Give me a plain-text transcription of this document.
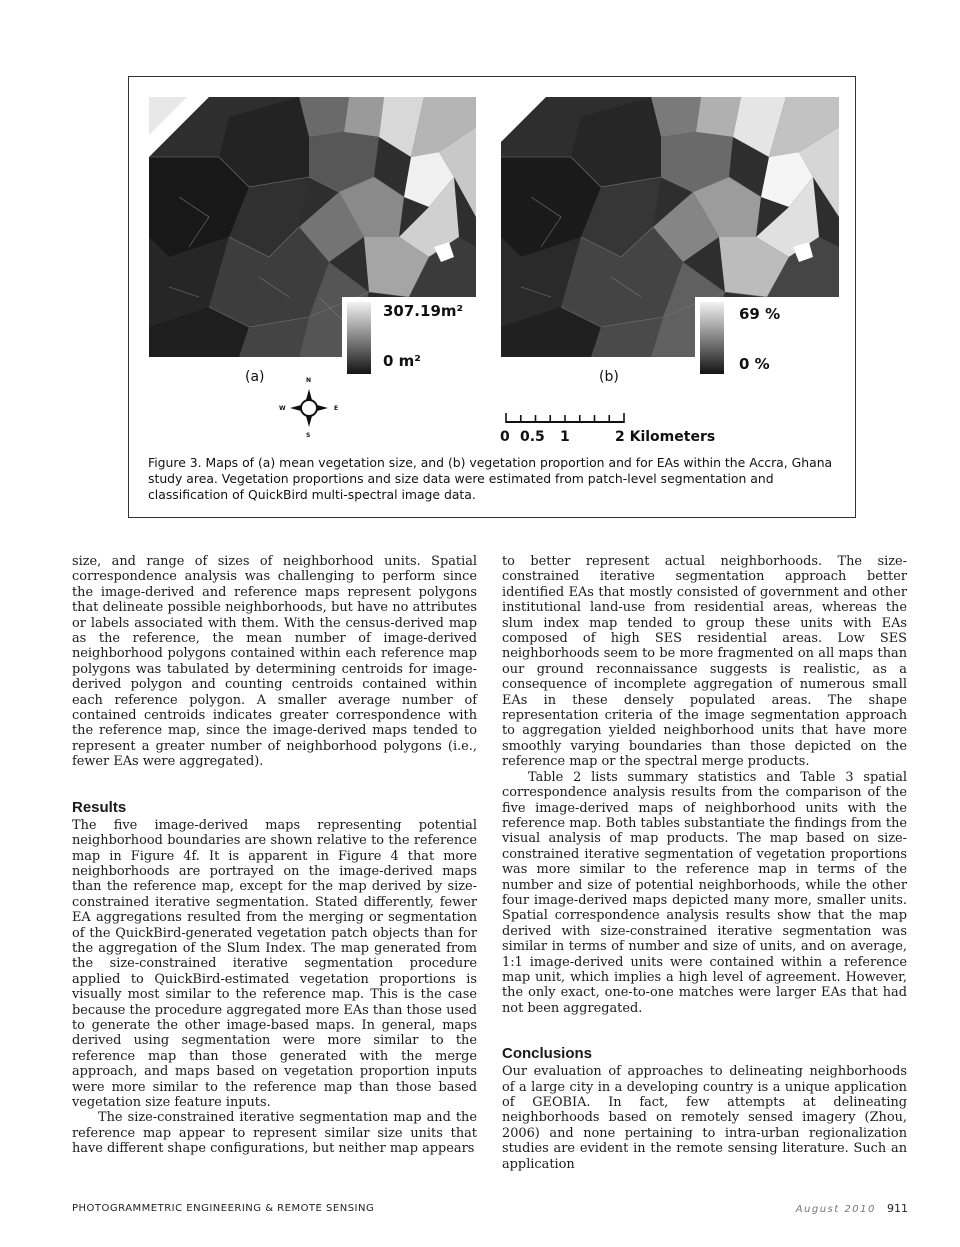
307.19m²
0 m²
(a)	N
S
W	E
69 %
0 %
(b)
0 0.5 1	2 Kilometers
Figure 3. Maps of (a) mean vegetation size, and (b) vegetation proportion and for EAs within the Accra, Ghana study area. Vegetation proportions and size data were estimated from patch-level segmentation and classification of QuickBird multi-spectral image data.

size, and range of sizes of neighborhood units. Spatial correspondence analysis was challenging to perform since the image-derived and reference maps represent polygons that delineate possible neighborhoods, but have no attributes or labels associated with them. With the census-derived map as the reference, the mean number of image-derived neighborhood polygons contained within each reference map polygons was tabulated by determining centroids for image-derived polygon and counting centroids contained within each reference polygon. A smaller average number of contained centroids indicates greater correspondence with the reference map, since the image-derived maps tended to represent a greater number of neighborhood polygons (i.e., fewer EAs were aggregated).

Results

The five image-derived maps representing potential neighborhood boundaries are shown relative to the reference map in Figure 4f. It is apparent in Figure 4 that more neighborhoods are portrayed on the image-derived maps than the reference map, except for the map derived by size-constrained iterative segmentation. Stated differently, fewer EA aggregations resulted from the merging or segmentation of the QuickBird-generated vegetation patch objects than for the aggregation of the Slum Index. The map generated from the size-constrained iterative segmentation procedure applied to QuickBird-estimated vegetation proportions is visually most similar to the reference map. This is the case because the procedure aggregated more EAs than those used to generate the other image-based maps. In general, maps derived using segmentation were more similar to the reference map than those generated with the merge approach, and maps based on vegetation proportion inputs were more similar to the reference map than those based vegetation size feature inputs.

The size-constrained iterative segmentation map and the reference map appear to represent similar size units that have different shape configurations, but neither map appears

to better represent actual neighborhoods. The size-constrained iterative segmentation approach better identified EAs that mostly consisted of government and other institutional land-use from residential areas, whereas the slum index map tended to group these units with EAs composed of high SES residential areas. Low SES neighborhoods seem to be more fragmented on all maps than our ground reconnaissance suggests is realistic, as a consequence of incomplete aggregation of numerous small EAs in these densely populated areas. The shape representation criteria of the image segmentation approach to aggregation yielded neighborhood units that have more smoothly varying boundaries than those depicted on the reference map or the spectral merge products.

Table 2 lists summary statistics and Table 3 spatial correspondence analysis results from the comparison of the five image-derived maps of neighborhood units with the reference map. Both tables substantiate the findings from the visual analysis of map products. The map based on size-constrained iterative segmentation of vegetation proportions was more similar to the reference map in terms of the number and size of potential neighborhoods, while the other four image-derived maps depicted many more, smaller units. Spatial correspondence analysis results show that the map derived with size-constrained iterative segmentation was similar in terms of number and size of units, and on average, 1:1 image-derived units were contained within a reference map unit, which implies a high level of agreement. However, the only exact, one-to-one matches were larger EAs that had not been aggregated.

Conclusions

Our evaluation of approaches to delineating neighborhoods of a large city in a developing country is a unique application of GEOBIA. In fact, few attempts at delineating neighborhoods based on remotely sensed imagery (Zhou, 2006) and none pertaining to intra-urban regionalization studies are evident in the remote sensing literature. Such an application

PHOTOGRAMMETRIC ENGINEERING & REMOTE SENSING	August 2010 911
